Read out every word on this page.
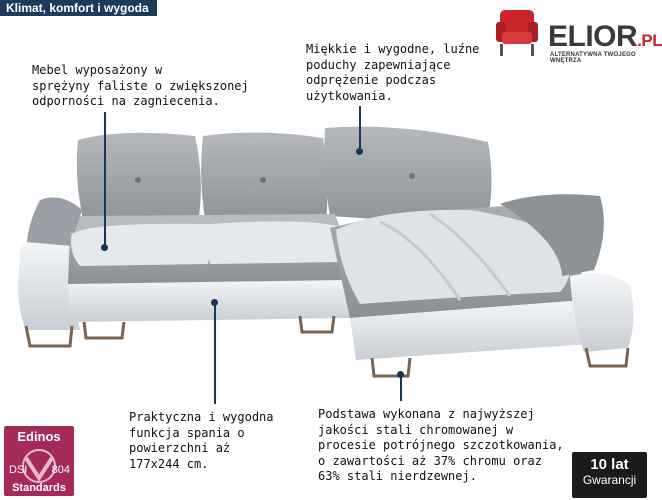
Klimat, komfort i wygoda
ELIOR.PL
ALTERNATYWNA TWOJEGO WNĘTRZA
Mebel wyposażony w
sprężyny faliste o zwiększonej
odporności na zagniecenia.
Miękkie i wygodne, luźne
poduchy zapewniające
odprężenie podczas
użytkowania.
Praktyczna i wygodna
funkcja spania o
powierzchni aż
177x244 cm.
Podstawa wykonana z najwyższej
jakości stali chromowanej w
procesie potrójnego szczotkowania,
o zawartości aż 37% chromu oraz
63% stali nierdzewnej.
Edinos
DSI 804
Standards
10 lat
Gwarancji
